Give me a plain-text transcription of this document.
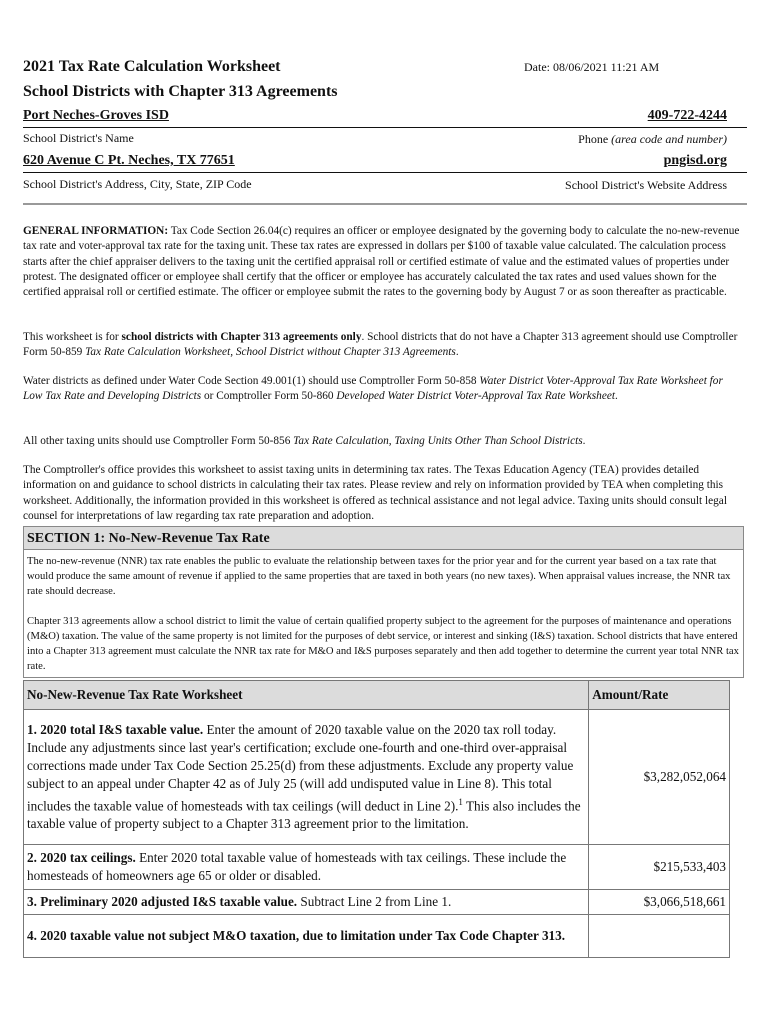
2021 Tax Rate Calculation Worksheet
School Districts with Chapter 313 Agreements
Date: 08/06/2021 11:21 AM
Port Neches-Groves ISD	409-722-4244
School District's Name	Phone (area code and number)
620 Avenue C Pt. Neches, TX 77651	pngisd.org
School District's Address, City, State, ZIP Code	School District's Website Address
GENERAL INFORMATION: Tax Code Section 26.04(c) requires an officer or employee designated by the governing body to calculate the no-new-revenue tax rate and voter-approval tax rate for the taxing unit. These tax rates are expressed in dollars per $100 of taxable value calculated. The calculation process starts after the chief appraiser delivers to the taxing unit the certified appraisal roll or certified estimate of value and the estimated values of properties under protest. The designated officer or employee shall certify that the officer or employee has accurately calculated the tax rates and used values shown for the certified appraisal roll or certified estimate. The officer or employee submit the rates to the governing body by August 7 or as soon thereafter as practicable.
This worksheet is for school districts with Chapter 313 agreements only. School districts that do not have a Chapter 313 agreement should use Comptroller Form 50-859 Tax Rate Calculation Worksheet, School District without Chapter 313 Agreements.
Water districts as defined under Water Code Section 49.001(1) should use Comptroller Form 50-858 Water District Voter-Approval Tax Rate Worksheet for Low Tax Rate and Developing Districts or Comptroller Form 50-860 Developed Water District Voter-Approval Tax Rate Worksheet.
All other taxing units should use Comptroller Form 50-856 Tax Rate Calculation, Taxing Units Other Than School Districts.
The Comptroller's office provides this worksheet to assist taxing units in determining tax rates. The Texas Education Agency (TEA) provides detailed information on and guidance to school districts in calculating their tax rates. Please review and rely on information provided by TEA when completing this worksheet. Additionally, the information provided in this worksheet is offered as technical assistance and not legal advice. Taxing units should consult legal counsel for interpretations of law regarding tax rate preparation and adoption.
SECTION 1: No-New-Revenue Tax Rate
The no-new-revenue (NNR) tax rate enables the public to evaluate the relationship between taxes for the prior year and for the current year based on a tax rate that would produce the same amount of revenue if applied to the same properties that are taxed in both years (no new taxes). When appraisal values increase, the NNR tax rate should decrease.
Chapter 313 agreements allow a school district to limit the value of certain qualified property subject to the agreement for the purposes of maintenance and operations (M&O) taxation. The value of the same property is not limited for the purposes of debt service, or interest and sinking (I&S) taxation. School districts that have entered into a Chapter 313 agreement must calculate the NNR tax rate for M&O and I&S purposes separately and then add together to determine the current year total NNR tax rate.
No-New-Revenue Tax Rate Worksheet	Amount/Rate
1. 2020 total I&S taxable value. Enter the amount of 2020 taxable value on the 2020 tax roll today. Include any adjustments since last year's certification; exclude one-fourth and one-third over-appraisal corrections made under Tax Code Section 25.25(d) from these adjustments. Exclude any property value subject to an appeal under Chapter 42 as of July 25 (will add undisputed value in Line 8). This total includes the taxable value of homesteads with tax ceilings (will deduct in Line 2).$^1$ This also includes the taxable value of property subject to a Chapter 313 agreement prior to the limitation.	$3,282,052,064
2. 2020 tax ceilings. Enter 2020 total taxable value of homesteads with tax ceilings. These include the homesteads of homeowners age 65 or older or disabled.	$215,533,403
3. Preliminary 2020 adjusted I&S taxable value. Subtract Line 2 from Line 1.	$3,066,518,661
4. 2020 taxable value not subject M&O taxation, due to limitation under Tax Code Chapter 313.	
